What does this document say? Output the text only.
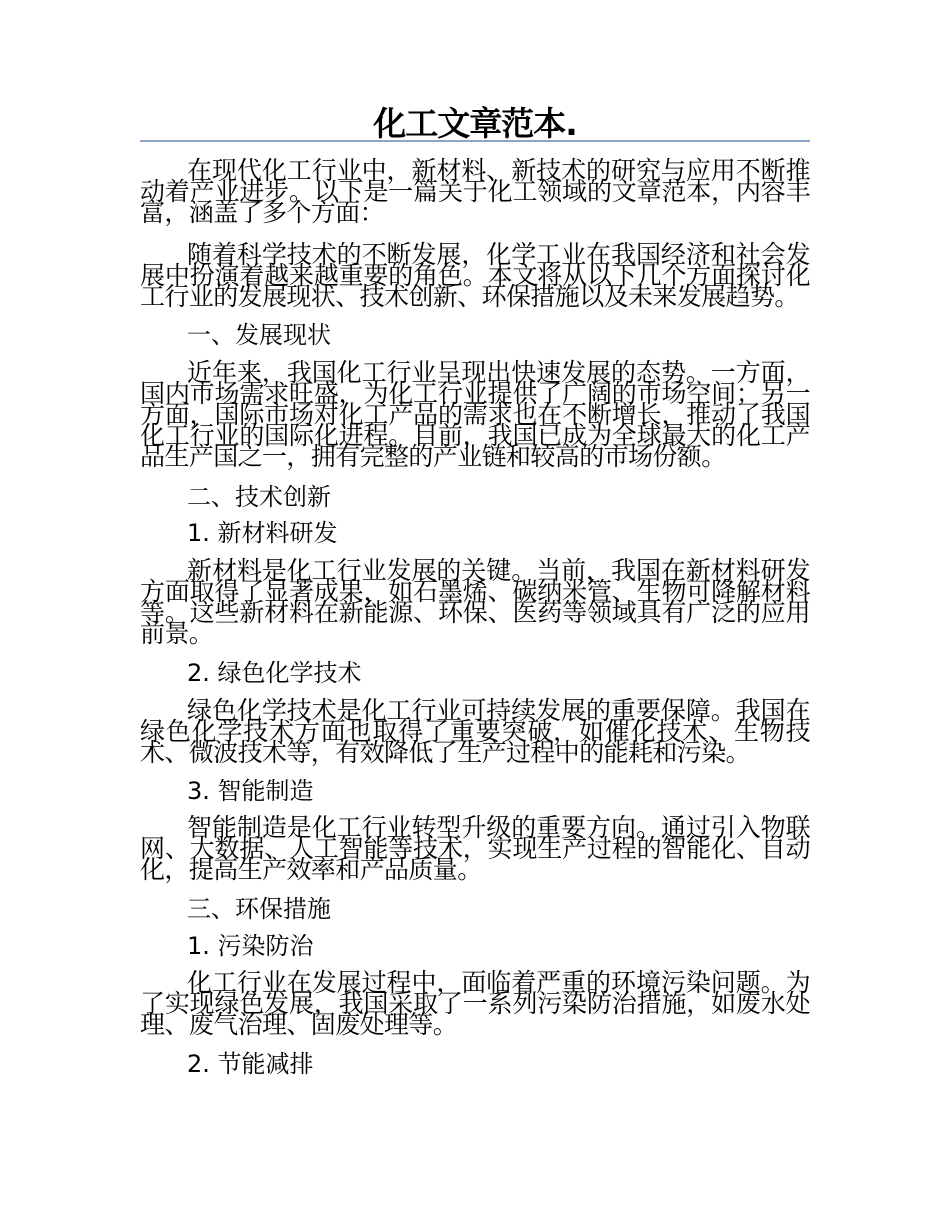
化工文章范本.
在现代化工行业中，新材料、新技术的研究与应用不断推动着产业进步。以下是一篇关于化工领域的文章范本，内容丰富，涵盖了多个方面：
随着科学技术的不断发展，化学工业在我国经济和社会发展中扮演着越来越重要的角色。本文将从以下几个方面探讨化工行业的发展现状、技术创新、环保措施以及未来发展趋势。
一、发展现状
近年来，我国化工行业呈现出快速发展的态势。一方面，国内市场需求旺盛，为化工行业提供了广阔的市场空间；另一方面，国际市场对化工产品的需求也在不断增长，推动了我国化工行业的国际化进程。目前，我国已成为全球最大的化工产品生产国之一，拥有完整的产业链和较高的市场份额。
二、技术创新
1. 新材料研发
新材料是化工行业发展的关键。当前，我国在新材料研发方面取得了显著成果，如石墨烯、碳纳米管、生物可降解材料等。这些新材料在新能源、环保、医药等领域具有广泛的应用前景。
2. 绿色化学技术
绿色化学技术是化工行业可持续发展的重要保障。我国在绿色化学技术方面也取得了重要突破，如催化技术、生物技术、微波技术等，有效降低了生产过程中的能耗和污染。
3. 智能制造
智能制造是化工行业转型升级的重要方向。通过引入物联网、大数据、人工智能等技术，实现生产过程的智能化、自动化，提高生产效率和产品质量。
三、环保措施
1. 污染防治
化工行业在发展过程中，面临着严重的环境污染问题。为了实现绿色发展，我国采取了一系列污染防治措施，如废水处理、废气治理、固废处理等。
2. 节能减排
